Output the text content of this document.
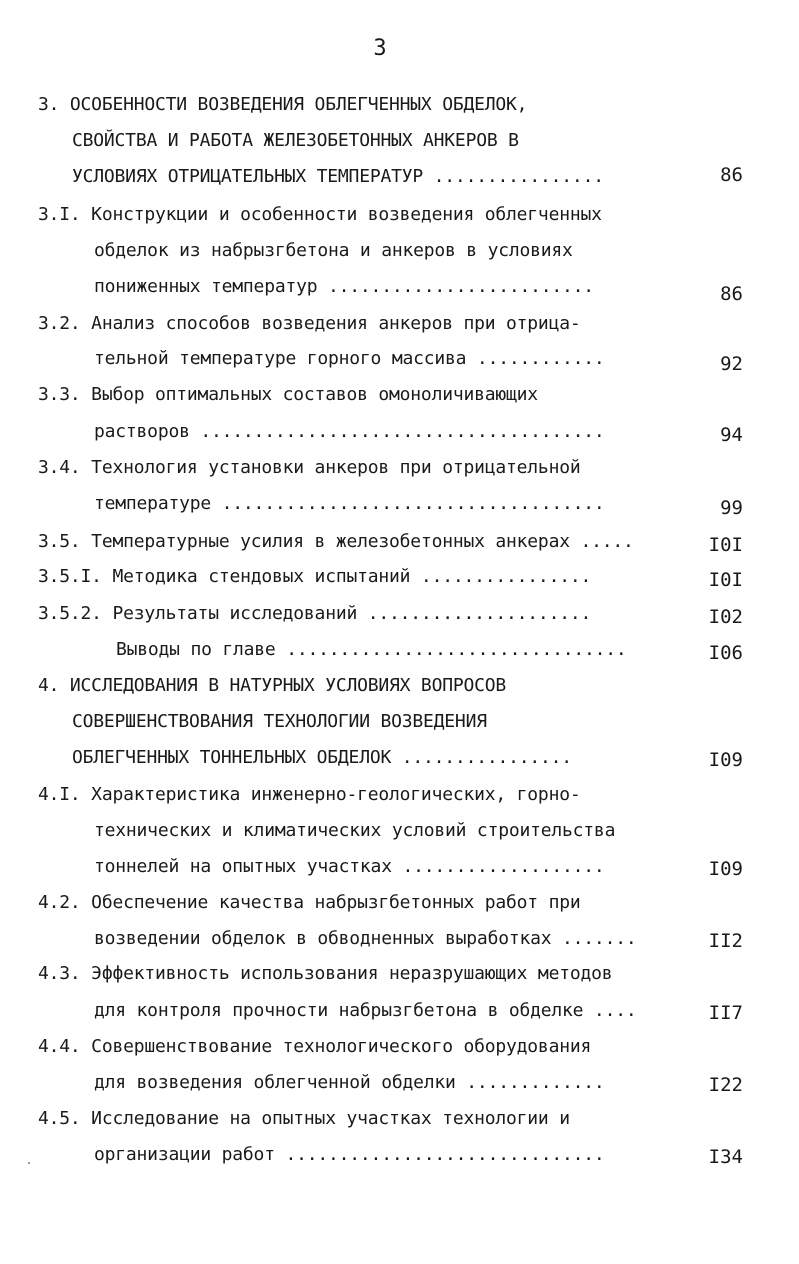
3
3. ОСОБЕННОСТИ ВОЗВЕДЕНИЯ ОБЛЕГЧЕННЫХ ОБДЕЛОК,
СВОЙСТВА И РАБОТА ЖЕЛЕЗОБЕТОННЫХ АНКЕРОВ В
УСЛОВИЯХ ОТРИЦАТЕЛЬНЫХ ТЕМПЕРАТУР ................	86
3.I. Конструкции и особенности возведения облегченных
обделок из набрызгбетона и анкеров в условиях
пониженных температур .........................	86
3.2. Анализ способов возведения анкеров при отрица-
тельной температуре горного массива ............	92
3.3. Выбор оптимальных составов омоноличивающих
растворов ......................................	94
3.4. Технология установки анкеров при отрицательной
температуре ....................................	99
3.5. Температурные усилия в железобетонных анкерах .....	I0I
3.5.I. Методика стендовых испытаний ................	I0I
3.5.2. Результаты исследований .....................	I02
Выводы по главе ................................	I06
4. ИССЛЕДОВАНИЯ В НАТУРНЫХ УСЛОВИЯХ ВОПРОСОВ
СОВЕРШЕНСТВОВАНИЯ ТЕХНОЛОГИИ ВОЗВЕДЕНИЯ
ОБЛЕГЧЕННЫХ ТОННЕЛЬНЫХ ОБДЕЛОК ................	I09
4.I. Характеристика инженерно-геологических, горно-
технических и климатических условий строительства
тоннелей на опытных участках ...................	I09
4.2. Обеспечение качества набрызгбетонных работ при
возведении обделок в обводненных выработках .......	II2
4.3. Эффективность использования неразрушающих методов
для контроля прочности набрызгбетона в обделке ....	II7
4.4. Совершенствование технологического оборудования
для возведения облегченной обделки .............	I22
4.5. Исследование на опытных участках технологии и
организации работ ..............................	I34
